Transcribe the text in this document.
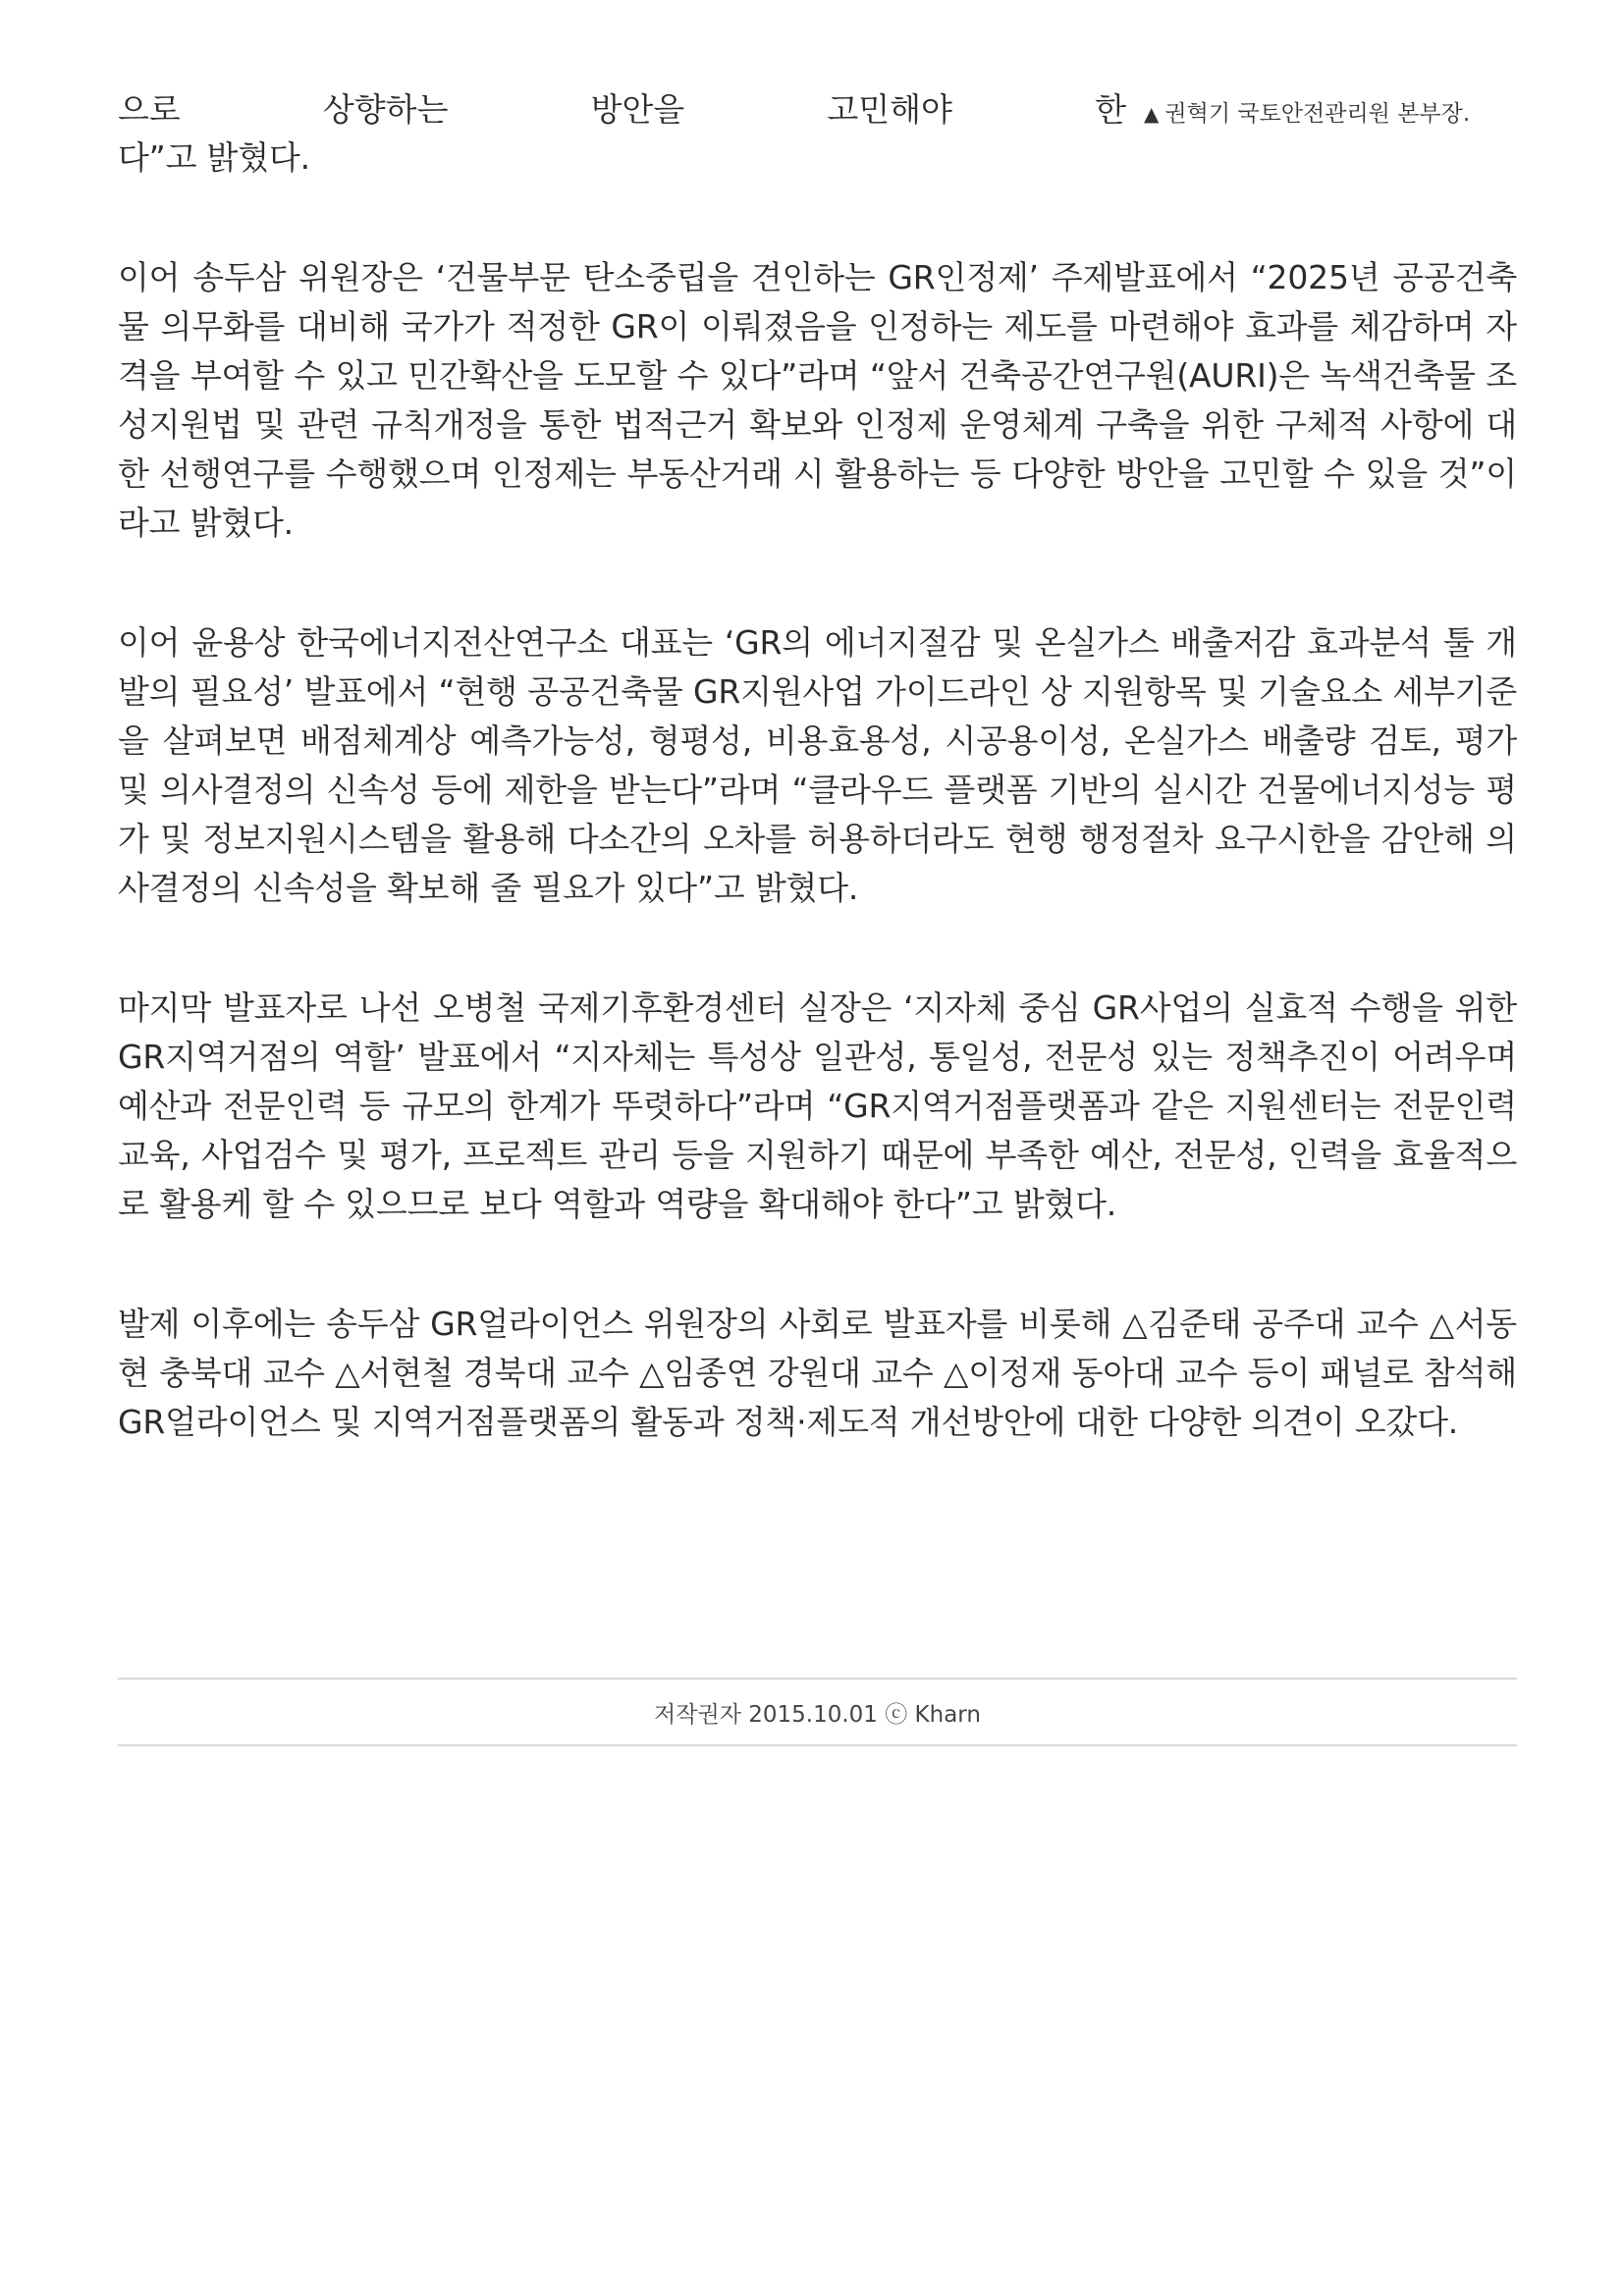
으로 상향하는 방안을 고민해야 한 ▲ 권혁기 국토안전관리원 본부장.

다”고 밝혔다.

이어 송두삼 위원장은 ‘건물부문 탄소중립을 견인하는 GR인정제’ 주제발표에서 “2025년 공공건축물 의무화를 대비해 국가가 적정한 GR이 이뤄졌음을 인정하는 제도를 마련해야 효과를 체감하며 자격을 부여할 수 있고 민간확산을 도모할 수 있다”라며 “앞서 건축공간연구원(AURI)은 녹색건축물 조성지원법 및 관련 규칙개정을 통한 법적근거 확보와 인정제 운영체계 구축을 위한 구체적 사항에 대한 선행연구를 수행했으며 인정제는 부동산거래 시 활용하는 등 다양한 방안을 고민할 수 있을 것”이라고 밝혔다.

이어 윤용상 한국에너지전산연구소 대표는 ‘GR의 에너지절감 및 온실가스 배출저감 효과분석 툴 개발의 필요성’ 발표에서 “현행 공공건축물 GR지원사업 가이드라인 상 지원항목 및 기술요소 세부기준을 살펴보면 배점체계상 예측가능성, 형평성, 비용효용성, 시공용이성, 온실가스 배출량 검토, 평가 및 의사결정의 신속성 등에 제한을 받는다”라며 “클라우드 플랫폼 기반의 실시간 건물에너지성능 평가 및 정보지원시스템을 활용해 다소간의 오차를 허용하더라도 현행 행정절차 요구시한을 감안해 의사결정의 신속성을 확보해 줄 필요가 있다”고 밝혔다.

마지막 발표자로 나선 오병철 국제기후환경센터 실장은 ‘지자체 중심 GR사업의 실효적 수행을 위한 GR지역거점의 역할’ 발표에서 “지자체는 특성상 일관성, 통일성, 전문성 있는 정책추진이 어려우며 예산과 전문인력 등 규모의 한계가 뚜렷하다”라며 “GR지역거점플랫폼과 같은 지원센터는 전문인력 교육, 사업검수 및 평가, 프로젝트 관리 등을 지원하기 때문에 부족한 예산, 전문성, 인력을 효율적으로 활용케 할 수 있으므로 보다 역할과 역량을 확대해야 한다”고 밝혔다.

발제 이후에는 송두삼 GR얼라이언스 위원장의 사회로 발표자를 비롯해 △김준태 공주대 교수 △서동현 충북대 교수 △서현철 경북대 교수 △임종연 강원대 교수 △이정재 동아대 교수 등이 패널로 참석해 GR얼라이언스 및 지역거점플랫폼의 활동과 정책·제도적 개선방안에 대한 다양한 의견이 오갔다.

저작권자 2015.10.01 ⓒ Kharn
